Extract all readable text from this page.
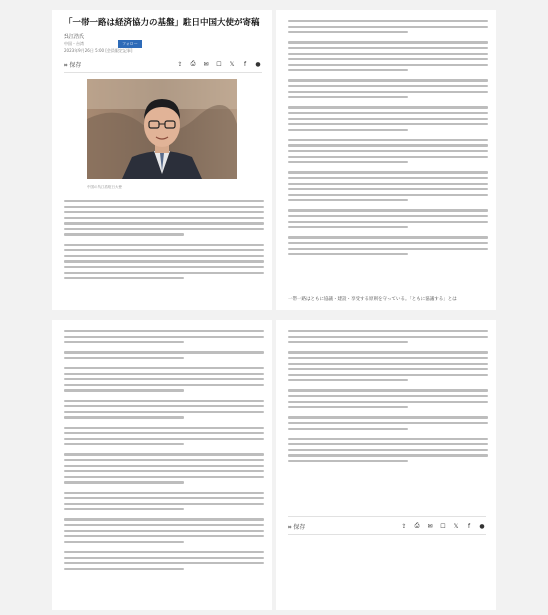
「一帯一路は経済協力の基盤」駐日中国大使が寄稿
呉江浩氏
中国・台湾	フォロー
2023年9月26日 5:00 [会員限定記事]
⌗ 保存	⇪ ⎙ ✉ ☐ 𝕏	f	●
中国の呉江浩駐日大使
一帯一路はともに協議・建設・享受する原則を守っている。「ともに協議する」とは
⌗ 保存	⇪ ⎙ ✉ ☐ 𝕏	f	●
